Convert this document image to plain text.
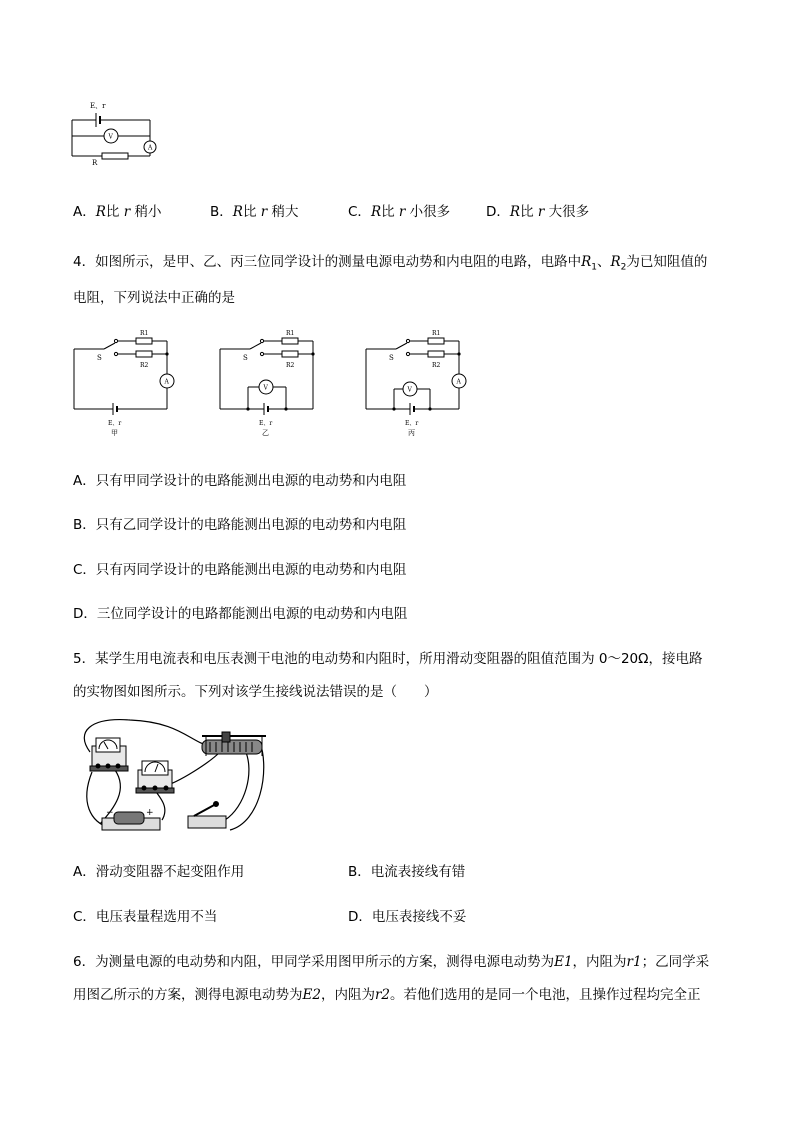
E、r
V
A
R
A．R比 r 稍小	B．R比 r 稍大	C．R比 r 小很多	D．R比 r 大很多
4．如图所示，是甲、乙、丙三位同学设计的测量电源电动势和内电阻的电路，电路中$R_1$、$R_2$为已知阻值的
电阻，下列说法中正确的是
R1
R2
S
A
E、r
甲
R1
R2
S
V
E、r
乙
R1
R2
S
A
V
E、r
丙
A．只有甲同学设计的电路能测出电源的电动势和内电阻
B．只有乙同学设计的电路能测出电源的电动势和内电阻
C．只有丙同学设计的电路能测出电源的电动势和内电阻
D．三位同学设计的电路都能测出电源的电动势和内电阻
5．某学生用电流表和电压表测干电池的电动势和内阻时，所用滑动变阻器的阻值范围为 0～20Ω，接电路
的实物图如图所示。下列对该学生接线说法错误的是（　　）
−	+
A．滑动变阻器不起变阻作用	B．电流表接线有错
C．电压表量程选用不当	D．电压表接线不妥
6．为测量电源的电动势和内阻，甲同学采用图甲所示的方案，测得电源电动势为E1，内阻为r1；乙同学采
用图乙所示的方案，测得电源电动势为E2，内阻为r2。若他们选用的是同一个电池，且操作过程均完全正
